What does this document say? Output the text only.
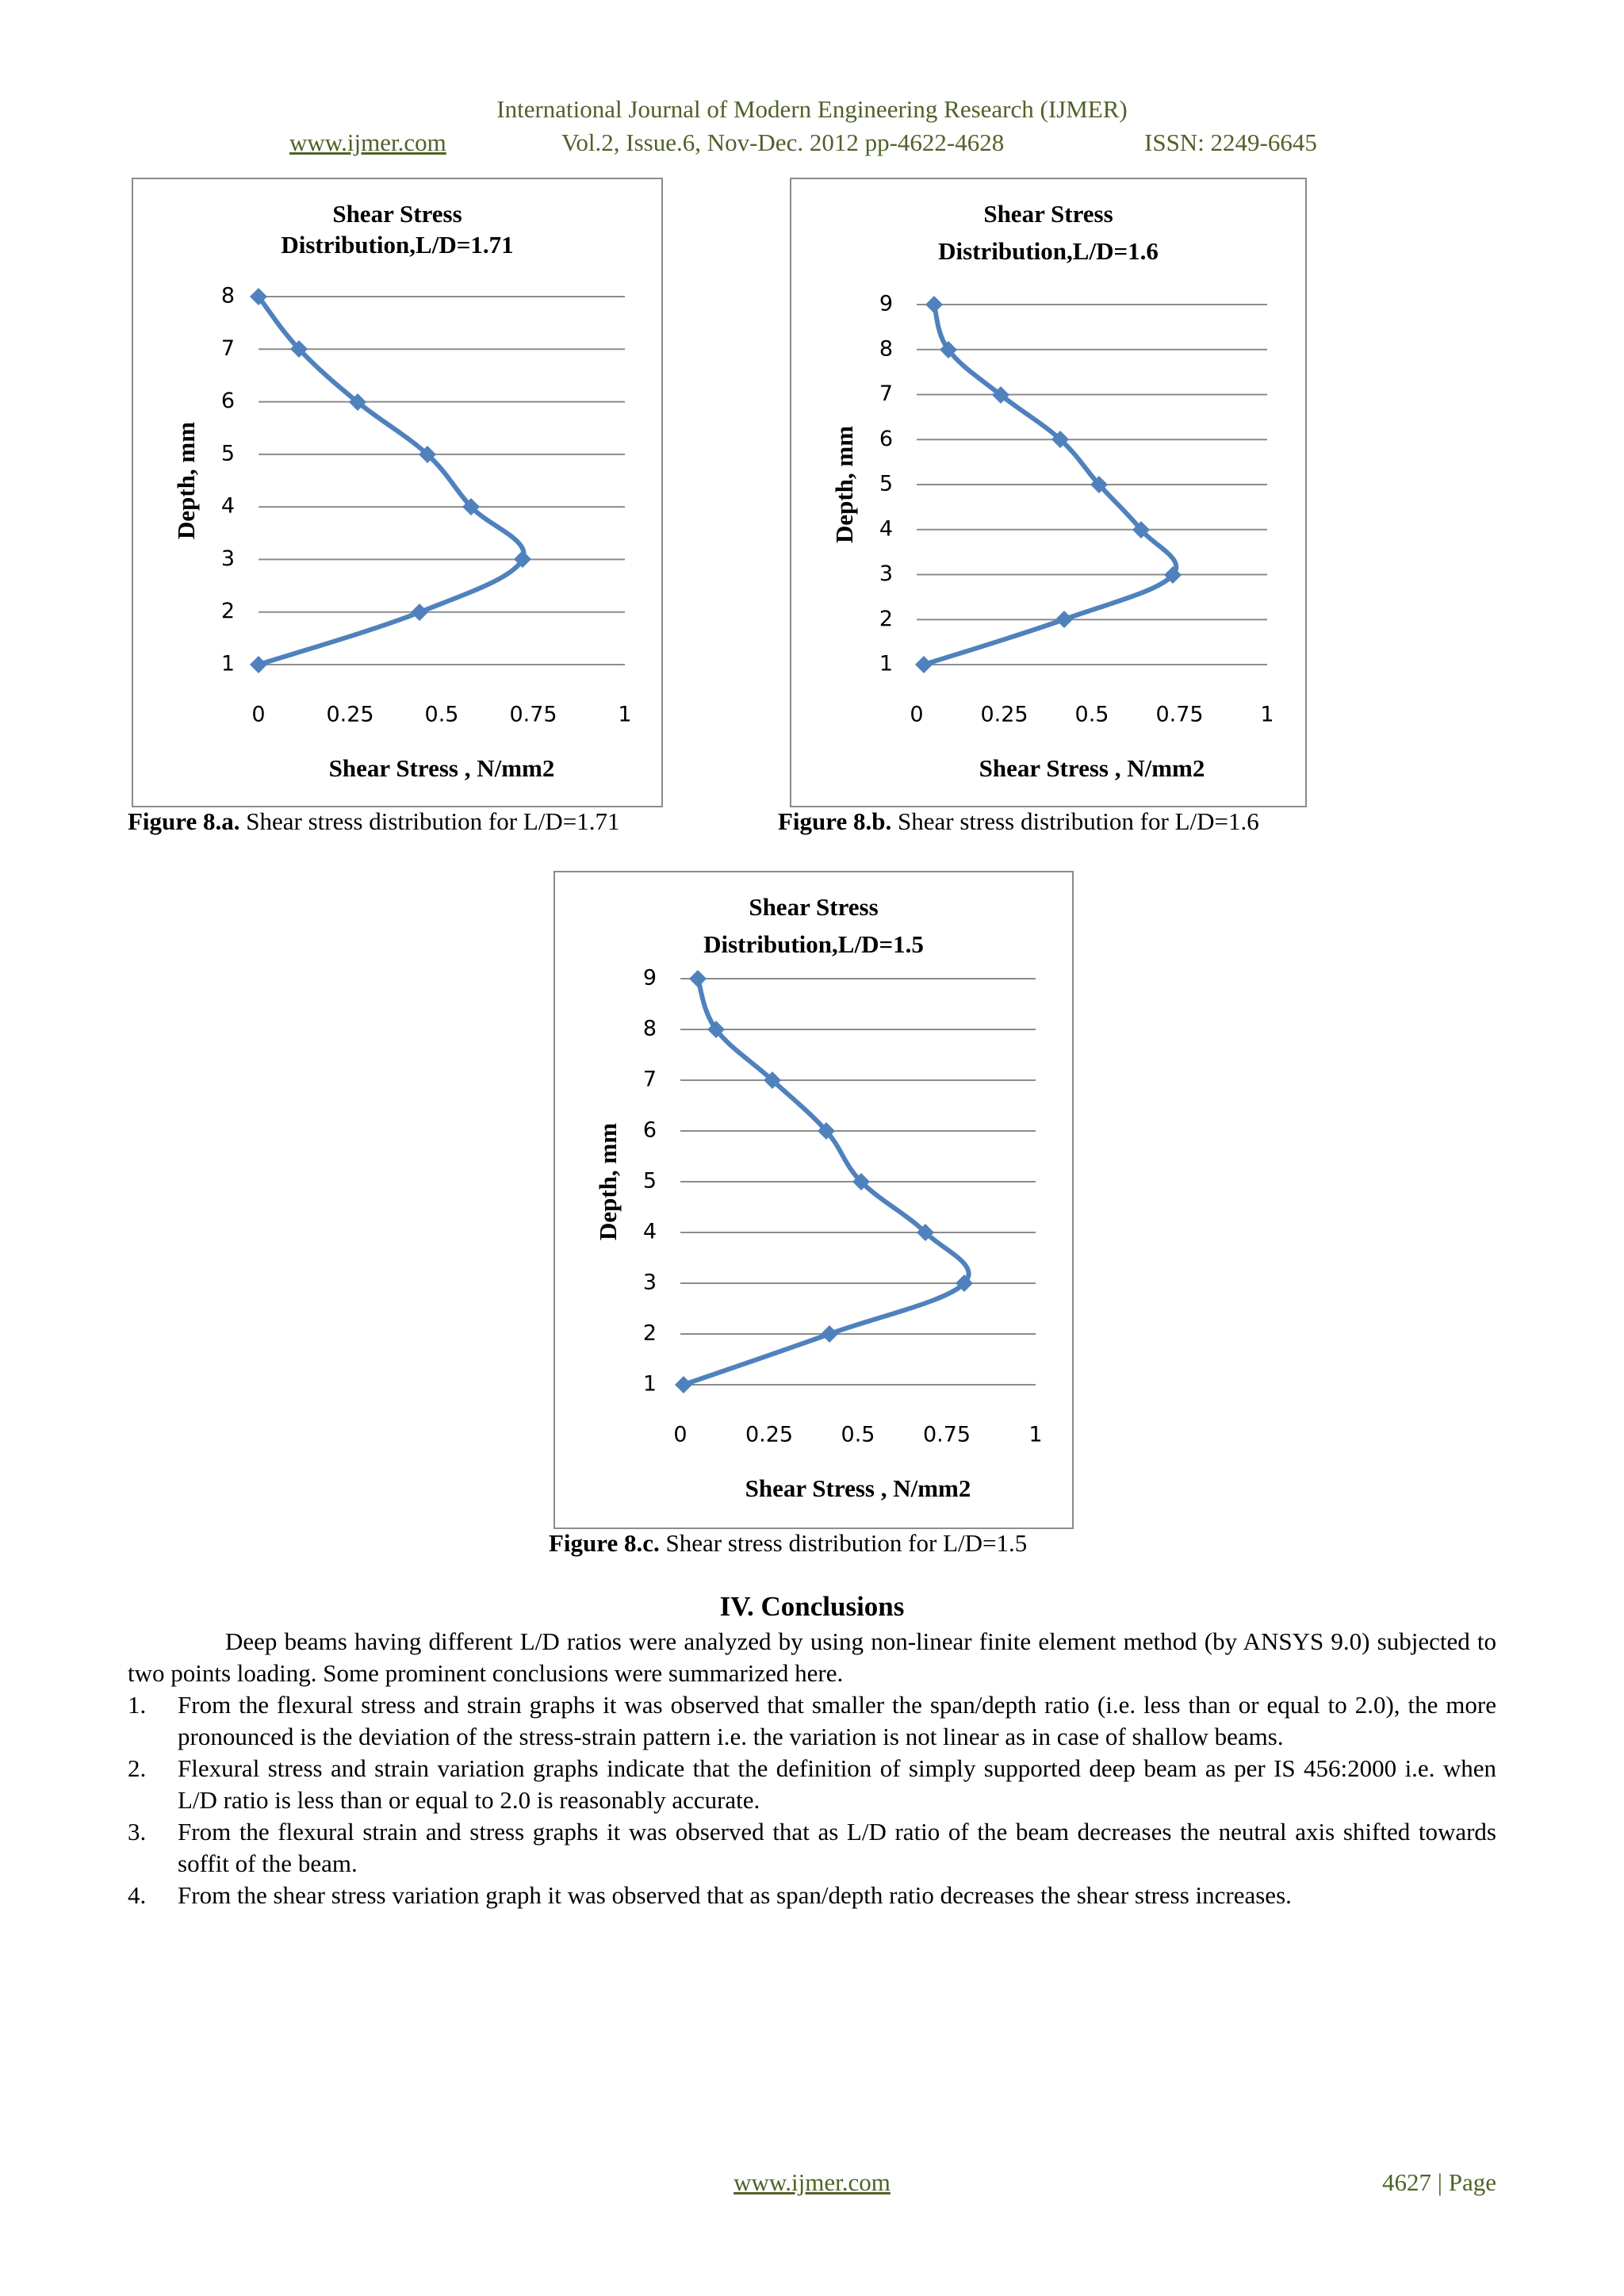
International Journal of Modern Engineering Research (IJMER)
www.ijmer.com	Vol.2, Issue.6, Nov-Dec. 2012 pp-4622-4628	ISSN: 2249-6645
Shear Stress
Distribution,L/D=1.71
1
2
3
4
5
6
7
8
0	0.25 0.5 0.75	1
Shear Stress , N/mm2
Depth, mm
Figure 8.a. Shear stress distribution for L/D=1.71
Shear Stress
Distribution,L/D=1.6
1
2
3
4
5
6
7
8
9
0	0.25 0.5 0.75	1
Shear Stress , N/mm2
Depth, mm
Figure 8.b. Shear stress distribution for L/D=1.6
Shear Stress
Distribution,L/D=1.5
1
2
3
4
5
6
7
8
9
0	0.25 0.5 0.75	1
Shear Stress , N/mm2
Depth, mm
Figure 8.c. Shear stress distribution for L/D=1.5
IV. Conclusions
Deep beams having different L/D ratios were analyzed by using non-linear finite element method (by ANSYS 9.0) subjected to two points loading. Some prominent conclusions were summarized here.
1. From the flexural stress and strain graphs it was observed that smaller the span/depth ratio (i.e. less than or equal to 2.0), the more pronounced is the deviation of the stress-strain pattern i.e. the variation is not linear as in case of shallow beams.
2. Flexural stress and strain variation graphs indicate that the definition of simply supported deep beam as per IS 456:2000 i.e. when L/D ratio is less than or equal to 2.0 is reasonably accurate.
3. From the flexural strain and stress graphs it was observed that as L/D ratio of the beam decreases the neutral axis shifted towards soffit of the beam.
4. From the shear stress variation graph it was observed that as span/depth ratio decreases the shear stress increases.
www.ijmer.com	4627 | Page
